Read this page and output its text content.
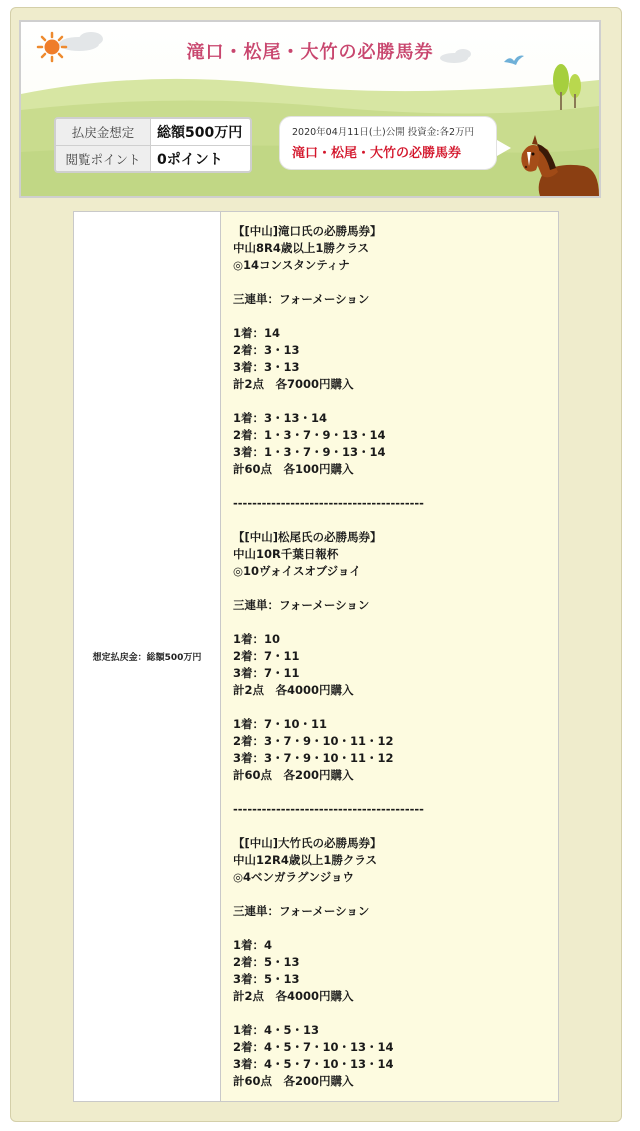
滝口・松尾・大竹の必勝馬券
払戻金想定	総額500万円
閲覧ポイント	0ポイント
2020年04月11日(土)公開 投資金:各2万円
滝口・松尾・大竹の必勝馬券
想定払戻金：総額500万円
【[中山]滝口氏の必勝馬券】
中山8R4歳以上1勝クラス
◎14コンスタンティナ
三連単：フォーメーション
1着：14
2着：3・13
3着：3・13
計2点　各7000円購入
1着：3・13・14
2着：1・3・7・9・13・14
3着：1・3・7・9・13・14
計60点　各100円購入
----------------------------------------
【[中山]松尾氏の必勝馬券】
中山10R千葉日報杯
◎10ヴォイスオブジョイ
三連単：フォーメーション
1着：10
2着：7・11
3着：7・11
計2点　各4000円購入
1着：7・10・11
2着：3・7・9・10・11・12
3着：3・7・9・10・11・12
計60点　各200円購入
----------------------------------------
【[中山]大竹氏の必勝馬券】
中山12R4歳以上1勝クラス
◎4ベンガラグンジョウ
三連単：フォーメーション
1着：4
2着：5・13
3着：5・13
計2点　各4000円購入
1着：4・5・13
2着：4・5・7・10・13・14
3着：4・5・7・10・13・14
計60点　各200円購入
